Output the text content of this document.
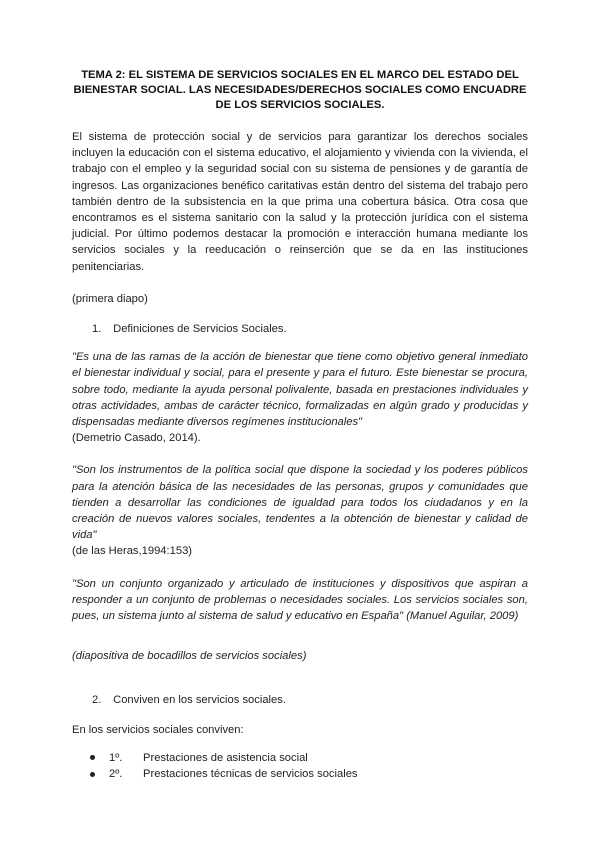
TEMA 2: EL SISTEMA DE SERVICIOS SOCIALES EN EL MARCO DEL ESTADO DEL BIENESTAR SOCIAL. LAS NECESIDADES/DERECHOS SOCIALES COMO ENCUADRE DE LOS SERVICIOS SOCIALES.

El sistema de protección social y de servicios para garantizar los derechos sociales incluyen la educación con el sistema educativo, el alojamiento y vivienda con la vivienda, el trabajo con el empleo y la seguridad social con su sistema de pensiones y de garantía de ingresos. Las organizaciones benéfico caritativas están dentro del sistema del trabajo pero también dentro de la subsistencia en la que prima una cobertura básica. Otra cosa que encontramos es el sistema sanitario con la salud y la protección jurídica con el sistema judicial. Por último podemos destacar la promoción e interacción humana mediante los servicios sociales y la reeducación o reinserción que se da en las instituciones penitenciarias.

(primera diapo)

1. Definiciones de Servicios Sociales.

"Es una de las ramas de la acción de bienestar que tiene como objetivo general inmediato el bienestar individual y social, para el presente y para el futuro. Este bienestar se procura, sobre todo, mediante la ayuda personal polivalente, basada en prestaciones individuales y otras actividades, ambas de carácter técnico, formalizadas en algún grado y producidas y dispensadas mediante diversos regímenes institucionales"

(Demetrio Casado, 2014).

"Son los instrumentos de la política social que dispone la sociedad y los poderes públicos para la atención básica de las necesidades de las personas, grupos y comunidades que tienden a desarrollar las condiciones de igualdad para todos los ciudadanos y en la creación de nuevos valores sociales, tendentes a la obtención de bienestar y calidad de vida"

(de las Heras,1994:153)

"Son un conjunto organizado y articulado de instituciones y dispositivos que aspiran a responder a un conjunto de problemas o necesidades sociales. Los servicios sociales son, pues, un sistema junto al sistema de salud y educativo en España" (Manuel Aguilar, 2009)

(diapositiva de bocadillos de servicios sociales)

2. Conviven en los servicios sociales.

En los servicios sociales conviven:

1º. Prestaciones de asistencia social
2º. Prestaciones técnicas de servicios sociales
